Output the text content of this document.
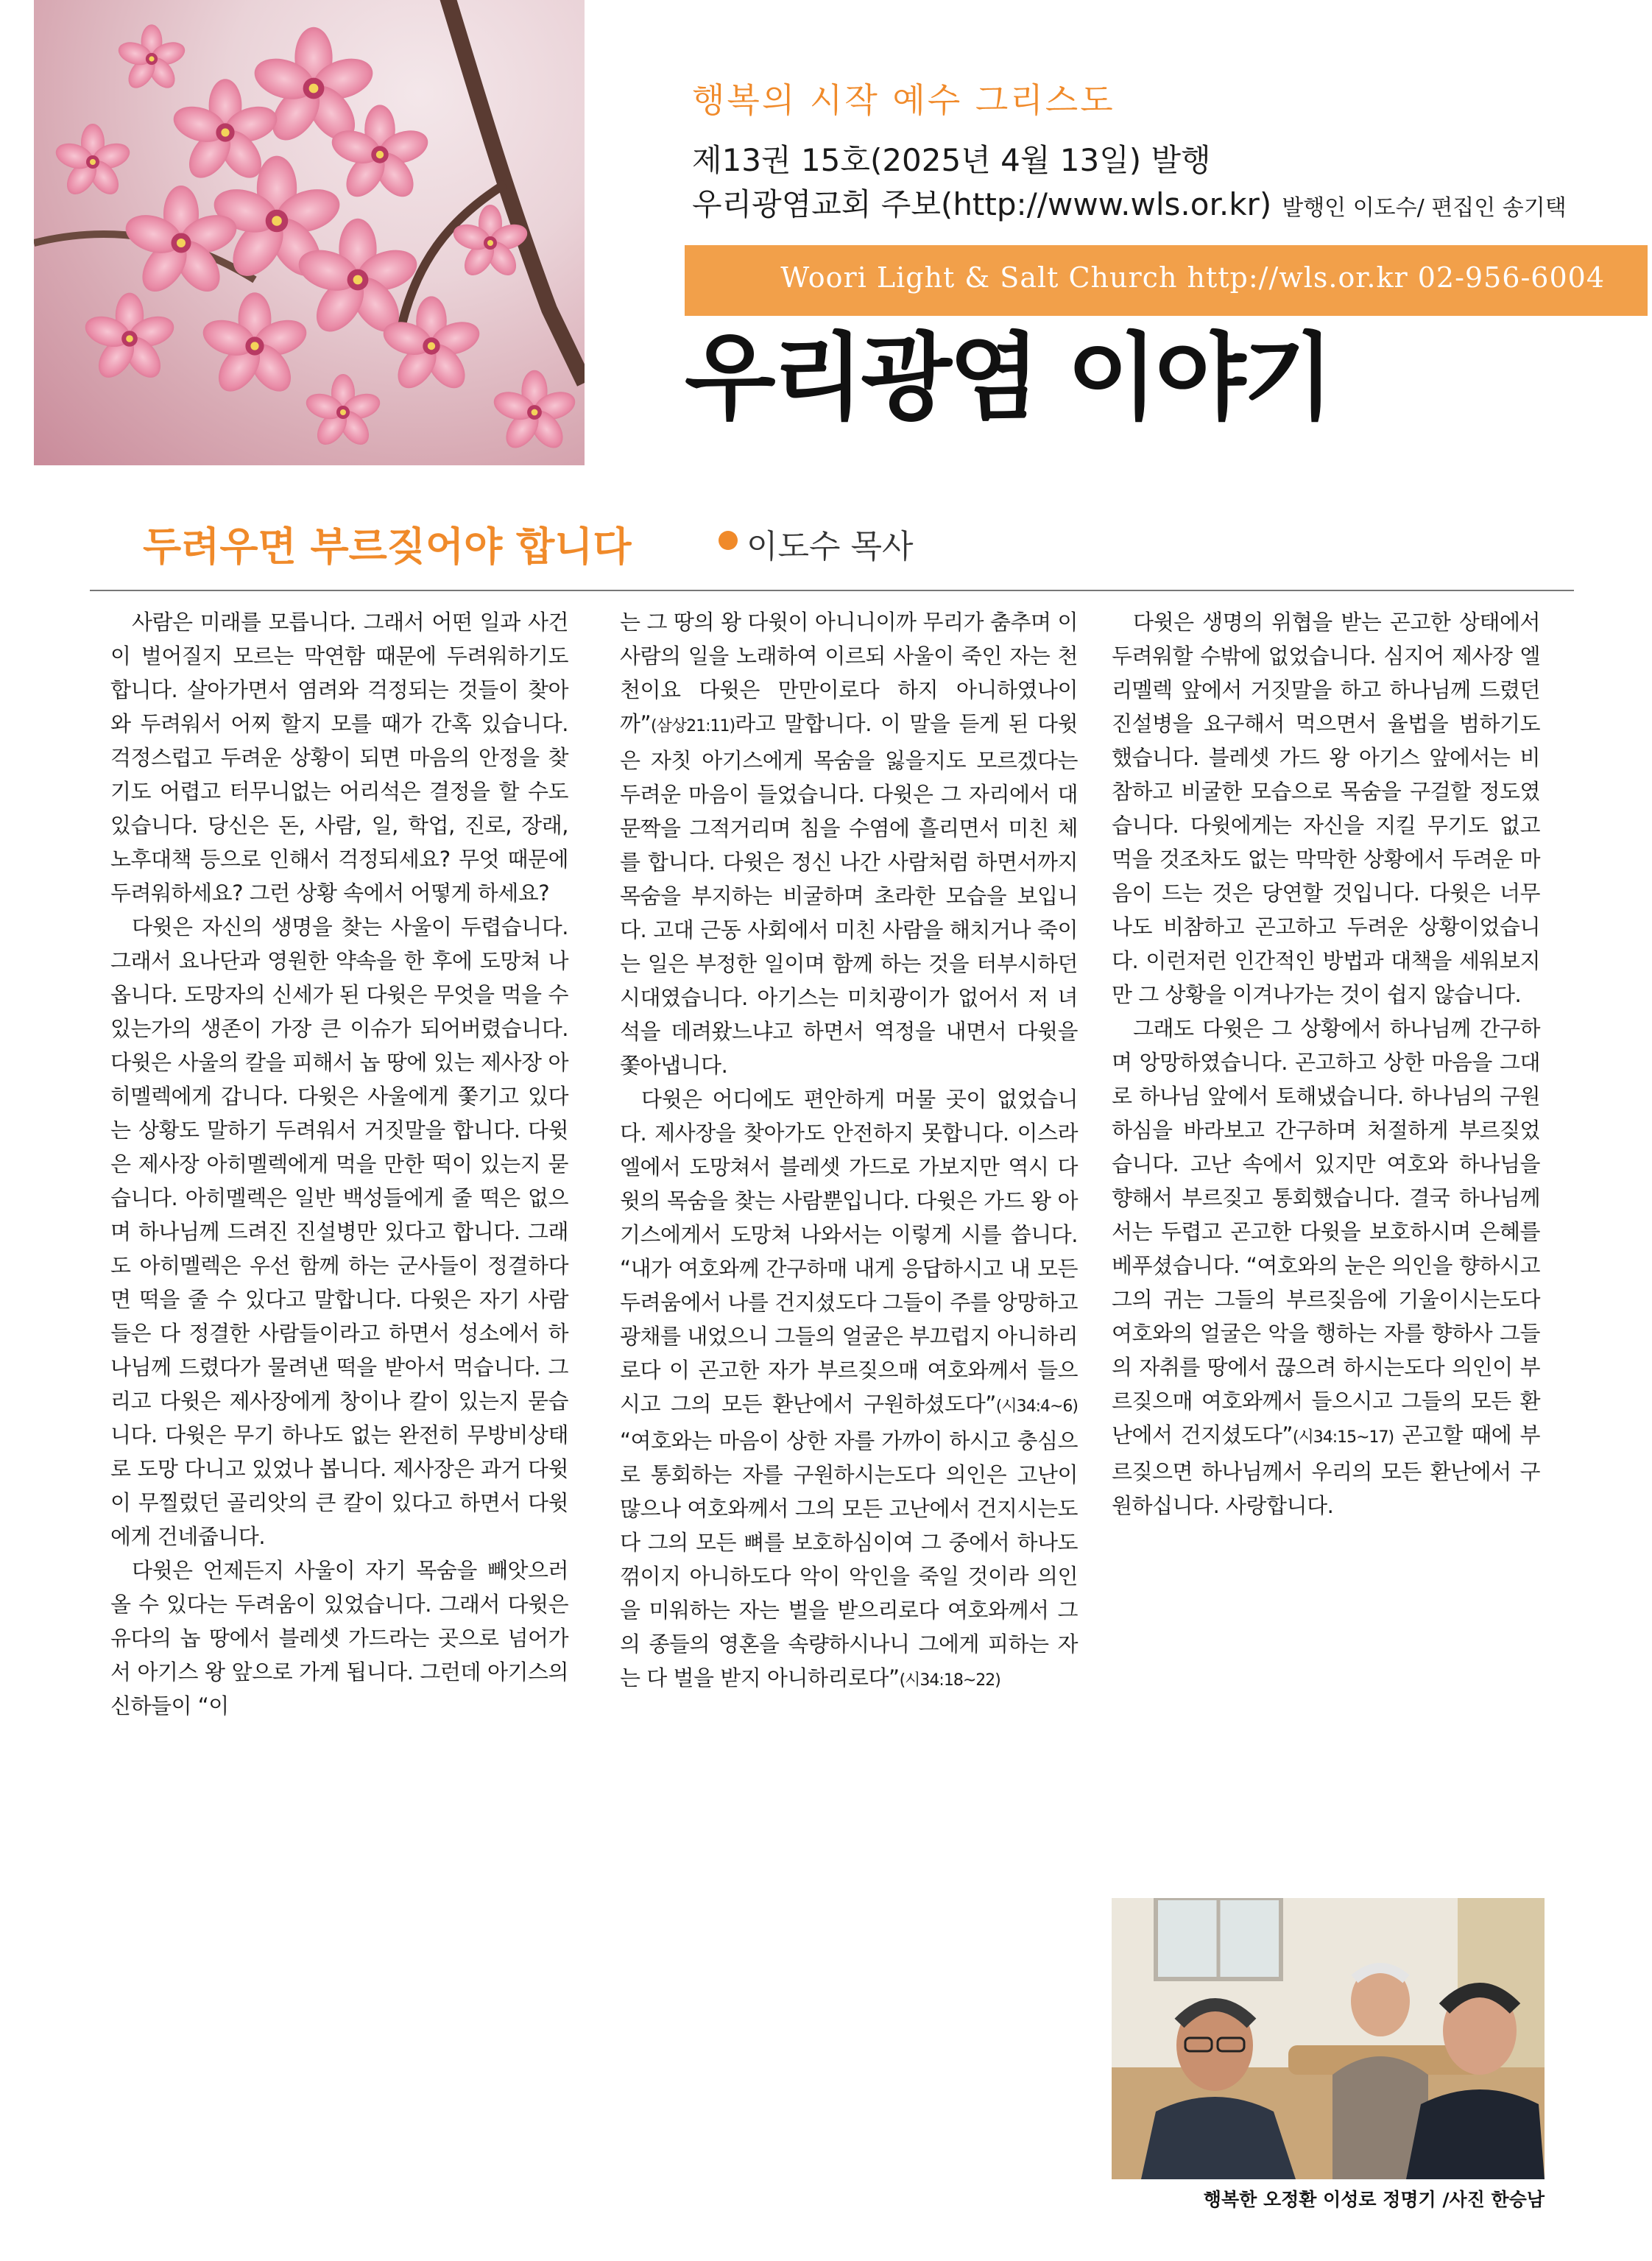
행복의 시작 예수 그리스도
제13권 15호(2025년 4월 13일) 발행
우리광염교회 주보(http://www.wls.or.kr) 발행인 이도수/ 편집인 송기택
Woori Light & Salt Church http://wls.or.kr 02-956-6004
우리광염 이야기
두려우면 부르짖어야 합니다	이도수 목사

사람은 미래를 모릅니다. 그래서 어떤 일과 사건이 벌어질지 모르는 막연함 때문에 두려워하기도 합니다. 살아가면서 염려와 걱정되는 것들이 찾아와 두려워서 어찌 할지 모를 때가 간혹 있습니다. 걱정스럽고 두려운 상황이 되면 마음의 안정을 찾기도 어렵고 터무니없는 어리석은 결정을 할 수도 있습니다. 당신은 돈, 사람, 일, 학업, 진로, 장래, 노후대책 등으로 인해서 걱정되세요? 무엇 때문에 두려워하세요? 그런 상황 속에서 어떻게 하세요?

다윗은 자신의 생명을 찾는 사울이 두렵습니다. 그래서 요나단과 영원한 약속을 한 후에 도망쳐 나옵니다. 도망자의 신세가 된 다윗은 무엇을 먹을 수 있는가의 생존이 가장 큰 이슈가 되어버렸습니다. 다윗은 사울의 칼을 피해서 놉 땅에 있는 제사장 아히멜렉에게 갑니다. 다윗은 사울에게 쫓기고 있다는 상황도 말하기 두려워서 거짓말을 합니다. 다윗은 제사장 아히멜렉에게 먹을 만한 떡이 있는지 묻습니다. 아히멜렉은 일반 백성들에게 줄 떡은 없으며 하나님께 드려진 진설병만 있다고 합니다. 그래도 아히멜렉은 우선 함께 하는 군사들이 정결하다면 떡을 줄 수 있다고 말합니다. 다윗은 자기 사람들은 다 정결한 사람들이라고 하면서 성소에서 하나님께 드렸다가 물려낸 떡을 받아서 먹습니다. 그리고 다윗은 제사장에게 창이나 칼이 있는지 묻습니다. 다윗은 무기 하나도 없는 완전히 무방비상태로 도망 다니고 있었나 봅니다. 제사장은 과거 다윗이 무찔렀던 골리앗의 큰 칼이 있다고 하면서 다윗에게 건네줍니다.

다윗은 언제든지 사울이 자기 목숨을 빼앗으러 올 수 있다는 두려움이 있었습니다. 그래서 다윗은 유다의 놉 땅에서 블레셋 가드라는 곳으로 넘어가서 아기스 왕 앞으로 가게 됩니다. 그런데 아기스의 신하들이 “이

는 그 땅의 왕 다윗이 아니니이까 무리가 춤추며 이 사람의 일을 노래하여 이르되 사울이 죽인 자는 천천이요 다윗은 만만이로다 하지 아니하였나이까”(삼상21:11)라고 말합니다. 이 말을 듣게 된 다윗은 자칫 아기스에게 목숨을 잃을지도 모르겠다는 두려운 마음이 들었습니다. 다윗은 그 자리에서 대문짝을 그적거리며 침을 수염에 흘리면서 미친 체를 합니다. 다윗은 정신 나간 사람처럼 하면서까지 목숨을 부지하는 비굴하며 초라한 모습을 보입니다. 고대 근동 사회에서 미친 사람을 해치거나 죽이는 일은 부정한 일이며 함께 하는 것을 터부시하던 시대였습니다. 아기스는 미치광이가 없어서 저 녀석을 데려왔느냐고 하면서 역정을 내면서 다윗을 쫓아냅니다.

다윗은 어디에도 편안하게 머물 곳이 없었습니다. 제사장을 찾아가도 안전하지 못합니다. 이스라엘에서 도망쳐서 블레셋 가드로 가보지만 역시 다윗의 목숨을 찾는 사람뿐입니다. 다윗은 가드 왕 아기스에게서 도망쳐 나와서는 이렇게 시를 씁니다. “내가 여호와께 간구하매 내게 응답하시고 내 모든 두려움에서 나를 건지셨도다 그들이 주를 앙망하고 광채를 내었으니 그들의 얼굴은 부끄럽지 아니하리로다 이 곤고한 자가 부르짖으매 여호와께서 들으시고 그의 모든 환난에서 구원하셨도다”(시34:4~6) “여호와는 마음이 상한 자를 가까이 하시고 충심으로 통회하는 자를 구원하시는도다 의인은 고난이 많으나 여호와께서 그의 모든 고난에서 건지시는도다 그의 모든 뼈를 보호하심이여 그 중에서 하나도 꺾이지 아니하도다 악이 악인을 죽일 것이라 의인을 미워하는 자는 벌을 받으리로다 여호와께서 그의 종들의 영혼을 속량하시나니 그에게 피하는 자는 다 벌을 받지 아니하리로다”(시34:18~22)

다윗은 생명의 위협을 받는 곤고한 상태에서 두려워할 수밖에 없었습니다. 심지어 제사장 엘리멜렉 앞에서 거짓말을 하고 하나님께 드렸던 진설병을 요구해서 먹으면서 율법을 범하기도 했습니다. 블레셋 가드 왕 아기스 앞에서는 비참하고 비굴한 모습으로 목숨을 구걸할 정도였습니다. 다윗에게는 자신을 지킬 무기도 없고 먹을 것조차도 없는 막막한 상황에서 두려운 마음이 드는 것은 당연할 것입니다. 다윗은 너무나도 비참하고 곤고하고 두려운 상황이었습니다. 이런저런 인간적인 방법과 대책을 세워보지만 그 상황을 이겨나가는 것이 쉽지 않습니다.

그래도 다윗은 그 상황에서 하나님께 간구하며 앙망하였습니다. 곤고하고 상한 마음을 그대로 하나님 앞에서 토해냈습니다. 하나님의 구원하심을 바라보고 간구하며 처절하게 부르짖었습니다. 고난 속에서 있지만 여호와 하나님을 향해서 부르짖고 통회했습니다. 결국 하나님께서는 두렵고 곤고한 다윗을 보호하시며 은혜를 베푸셨습니다. “여호와의 눈은 의인을 향하시고 그의 귀는 그들의 부르짖음에 기울이시는도다 여호와의 얼굴은 악을 행하는 자를 향하사 그들의 자취를 땅에서 끊으려 하시는도다 의인이 부르짖으매 여호와께서 들으시고 그들의 모든 환난에서 건지셨도다”(시34:15~17) 곤고할 때에 부르짖으면 하나님께서 우리의 모든 환난에서 구원하십니다. 사랑합니다.

행복한 오정환 이성로 정명기 /사진 한승남
